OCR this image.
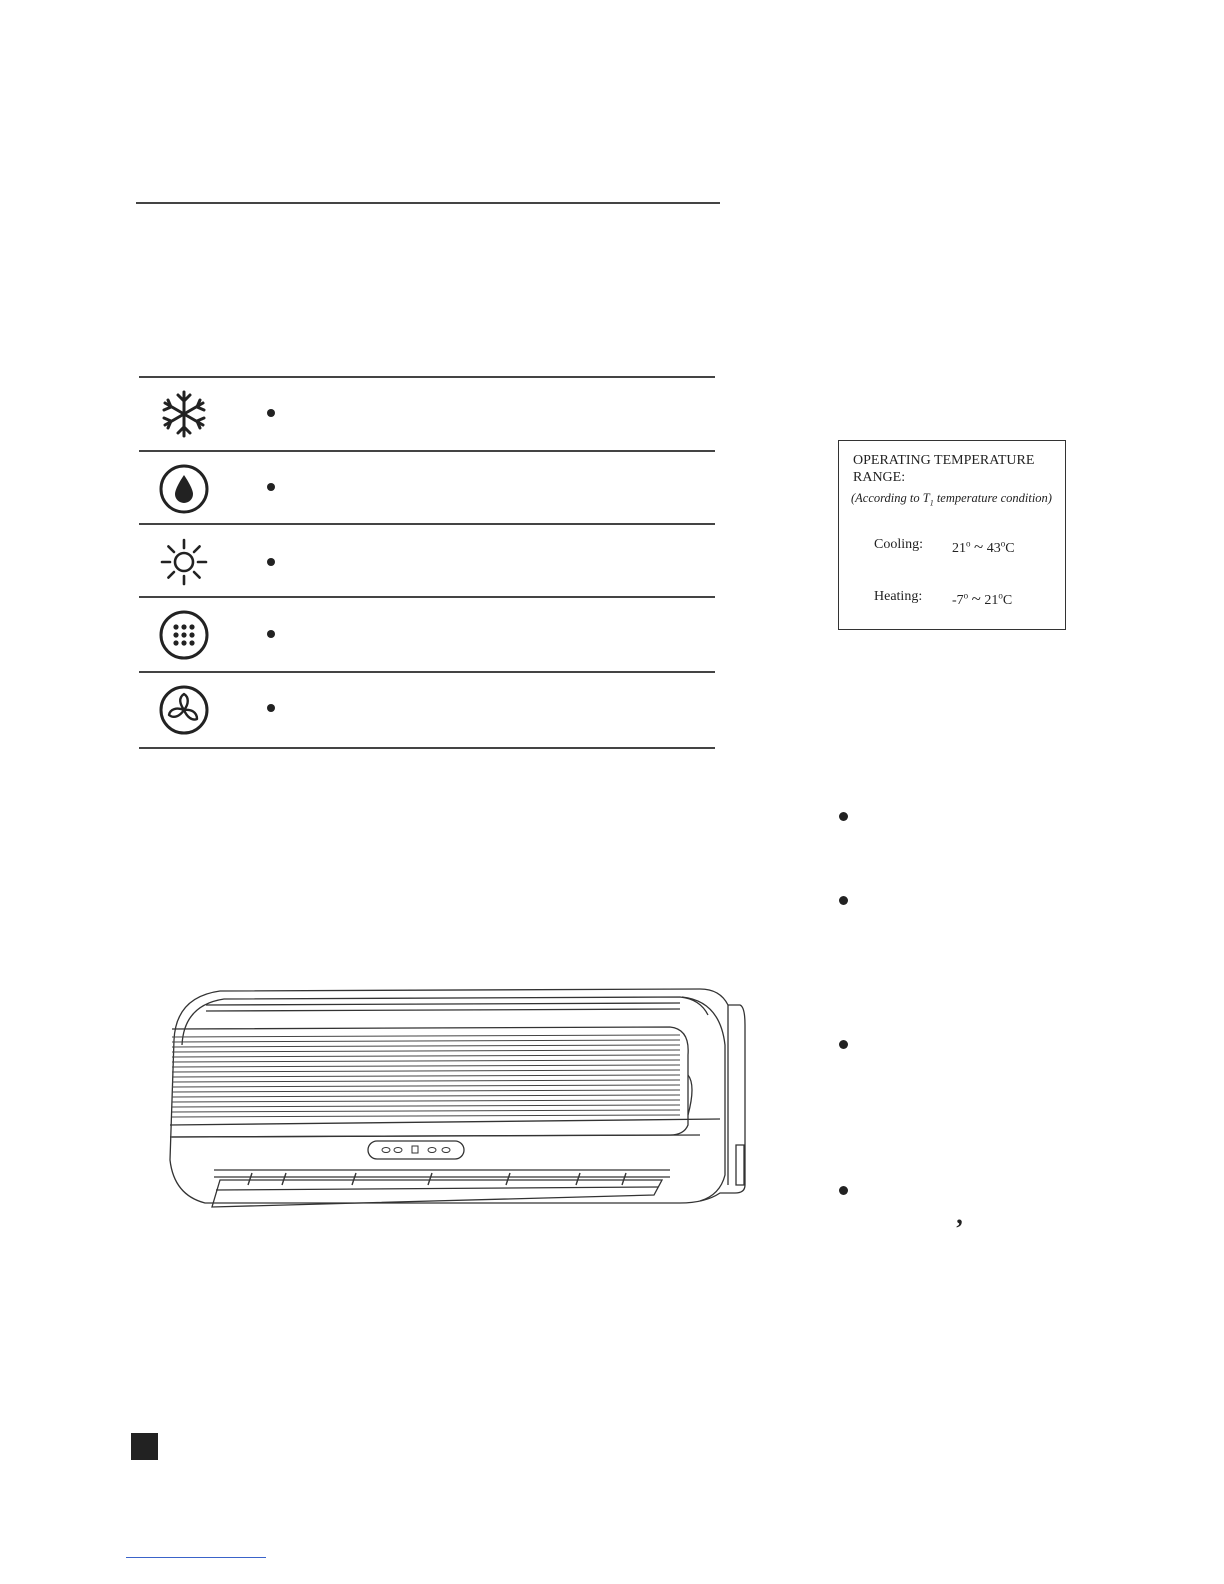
OPERATING TEMPERATURE
RANGE:
(According to $T_1$ temperature condition)
Cooling: 21$^o$ ~ 43$^o$C
Heating: -7$^o$ ~ 21$^o$C
’
